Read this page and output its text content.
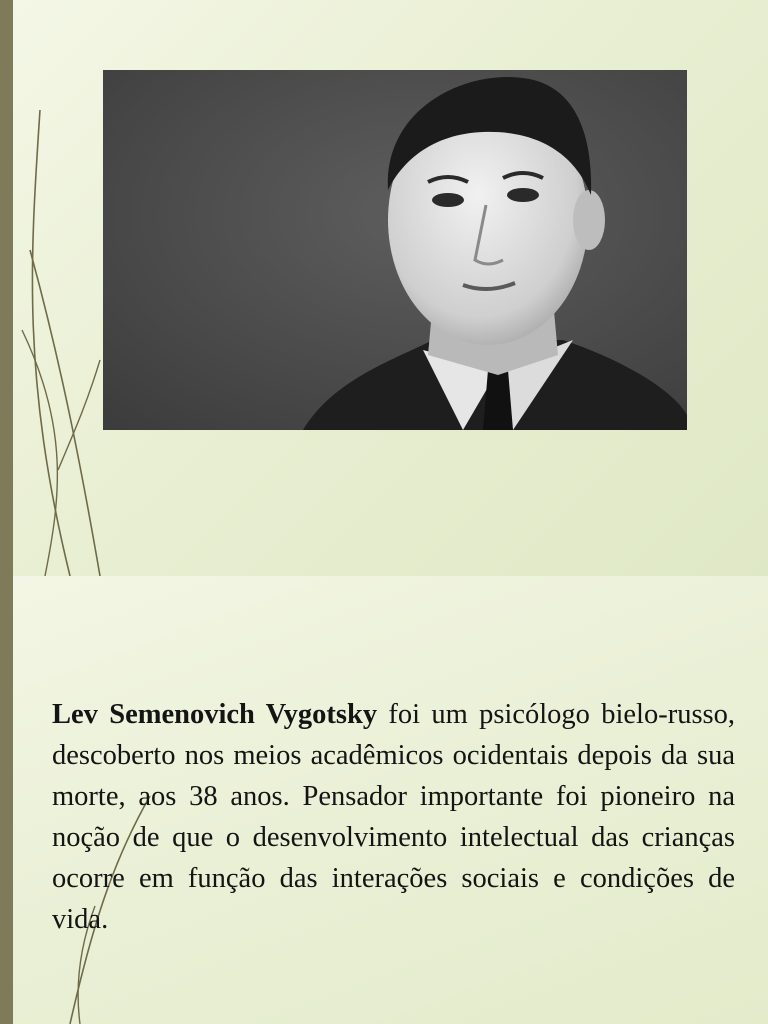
Lev Semenovich Vygotsky foi um psicólogo bielo-russo, descoberto nos meios acadêmicos ocidentais depois da sua morte, aos 38 anos. Pensador importante foi pioneiro na noção de que o desenvolvimento intelectual das crianças ocorre em função das interações sociais e condições de vida.
